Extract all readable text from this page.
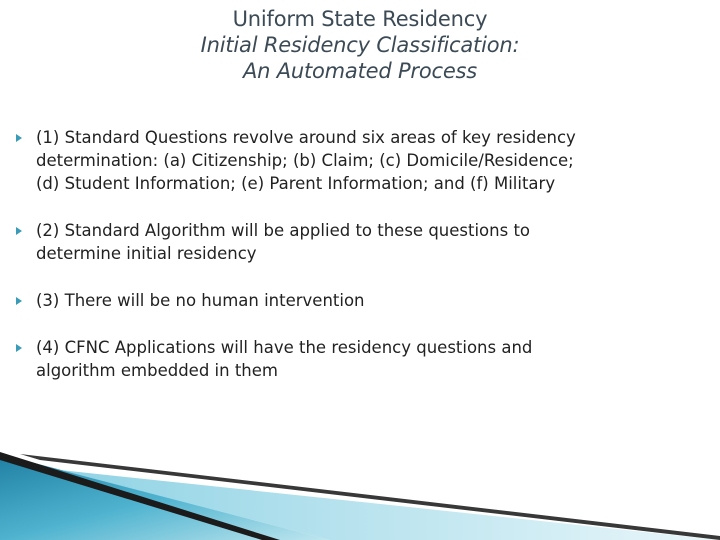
Uniform State Residency
Initial Residency Classification:
An Automated Process
(1) Standard Questions revolve around six areas of key residency
determination: (a) Citizenship; (b) Claim; (c) Domicile/Residence;
(d) Student Information; (e) Parent Information; and (f) Military
(2) Standard Algorithm will be applied to these questions to
determine initial residency
(3) There will be no human intervention
(4) CFNC Applications will have the residency questions and
algorithm embedded in them
